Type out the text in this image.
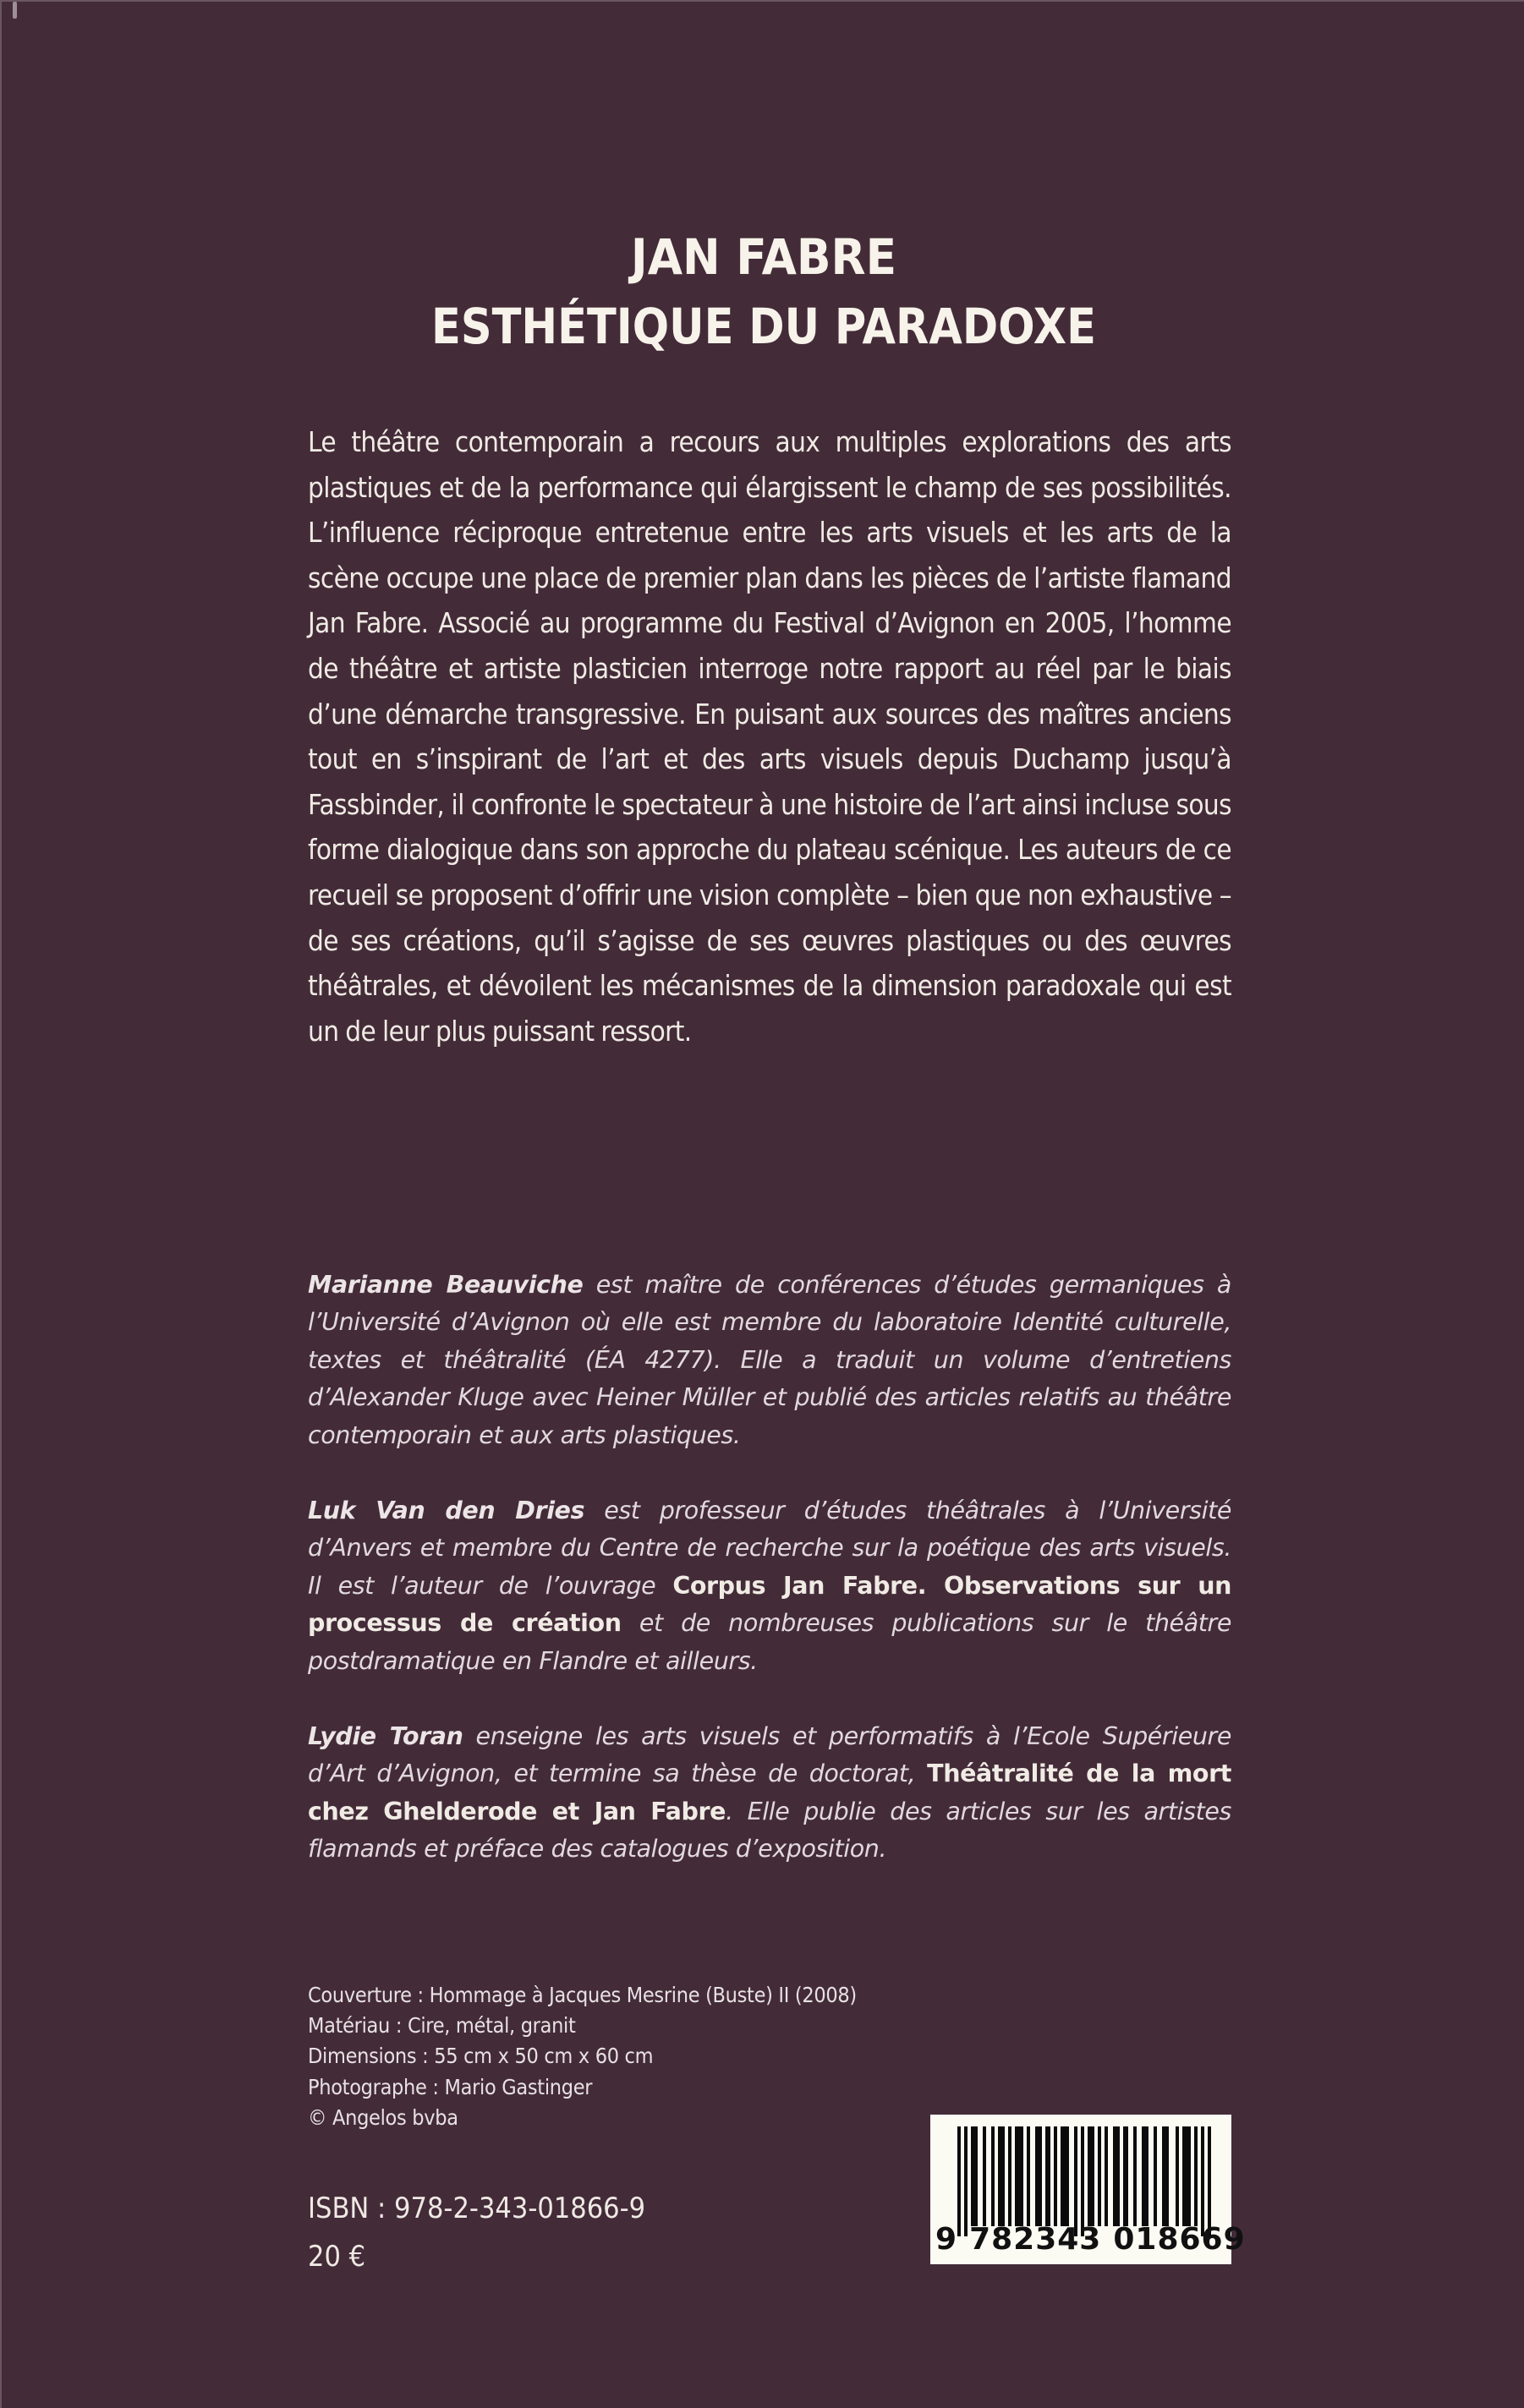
JAN FABRE
ESTHÉTIQUE DU PARADOXE
Le théâtre contemporain a recours aux multiples explorations des arts plastiques et de la performance qui élargissent le champ de ses possibilités. L’influence réciproque entretenue entre les arts visuels et les arts de la scène occupe une place de premier plan dans les pièces de l’artiste flamand Jan Fabre. Associé au programme du Festival d’Avignon en 2005, l’homme de théâtre et artiste plasticien interroge notre rapport au réel par le biais d’une démarche transgressive. En puisant aux sources des maîtres anciens tout en s’inspirant de l’art et des arts visuels depuis Duchamp jusqu’à Fassbinder, il confronte le spectateur à une histoire de l’art ainsi incluse sous forme dialogique dans son approche du plateau scénique. Les auteurs de ce recueil se proposent d’offrir une vision complète – bien que non exhaustive – de ses créations, qu’il s’agisse de ses œuvres plastiques ou des œuvres théâtrales, et dévoilent les mécanismes de la dimension paradoxale qui est un de leur plus puissant ressort.

Marianne Beauviche est maître de conférences d’études germaniques à l’Université d’Avignon où elle est membre du laboratoire Identité culturelle, textes et théâtralité (ÉA 4277). Elle a traduit un volume d’entretiens d’Alexander Kluge avec Heiner Müller et publié des articles relatifs au théâtre contemporain et aux arts plastiques.

Luk Van den Dries est professeur d’études théâtrales à l’Université d’Anvers et membre du Centre de recherche sur la poétique des arts visuels. Il est l’auteur de l’ouvrage Corpus Jan Fabre. Observations sur un processus de création et de nombreuses publications sur le théâtre postdramatique en Flandre et ailleurs.

Lydie Toran enseigne les arts visuels et performatifs à l’Ecole Supérieure d’Art d’Avignon, et termine sa thèse de doctorat, Théâtralité de la mort chez Ghelderode et Jan Fabre. Elle publie des articles sur les artistes flamands et préface des catalogues d’exposition.

Couverture : Hommage à Jacques Mesrine (Buste) II (2008)
Matériau : Cire, métal, granit
Dimensions : 55 cm x 50 cm x 60 cm
Photographe : Mario Gastinger
© Angelos bvba
ISBN : 978-2-343-01866-9
20 €	9 782343 018669
